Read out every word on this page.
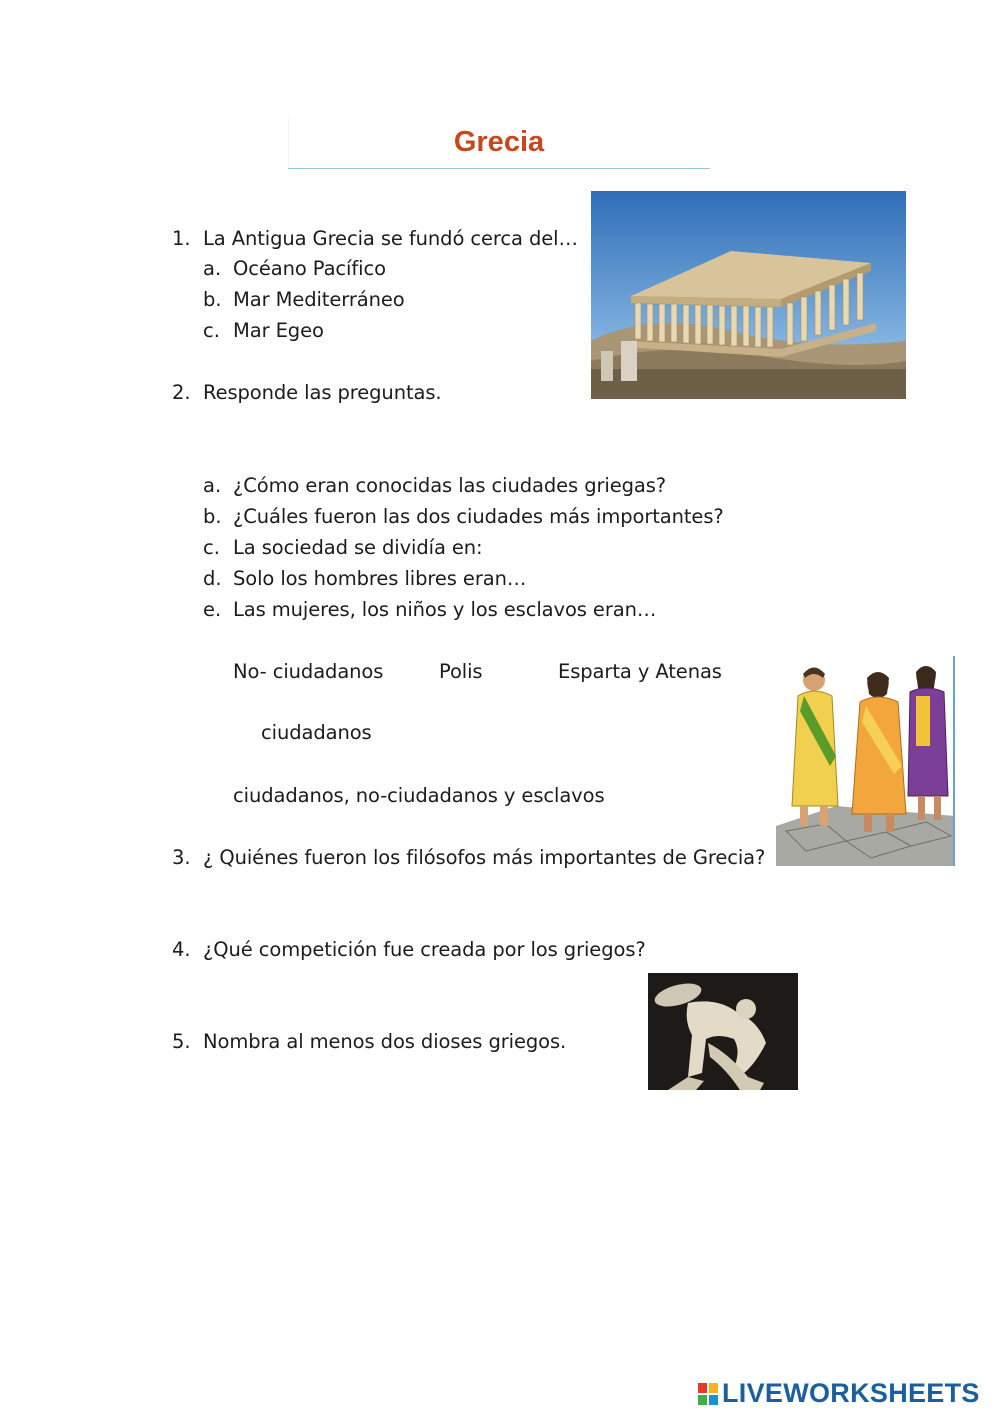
Grecia
1. La Antigua Grecia se fundó cerca del…
a. Océano Pacífico
b. Mar Mediterráneo
c. Mar Egeo
2. Responde las preguntas.
a. ¿Cómo eran conocidas las ciudades griegas?
b. ¿Cuáles fueron las dos ciudades más importantes?
c. La sociedad se dividía en:
d. Solo los hombres libres eran…
e. Las mujeres, los niños y los esclavos eran…
No- ciudadanos	Polis	Esparta y Atenas
ciudadanos
ciudadanos, no-ciudadanos y esclavos
3. ¿ Quiénes fueron los filósofos más importantes de Grecia?
4. ¿Qué competición fue creada por los griegos?
5. Nombra al menos dos dioses griegos.
LIVEWORKSHEETS
